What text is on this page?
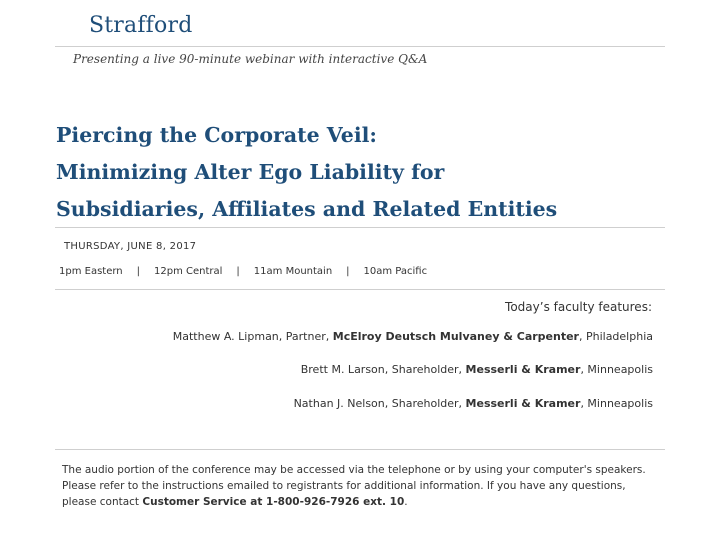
Strafford
Presenting a live 90-minute webinar with interactive Q&A
Piercing the Corporate Veil:
Minimizing Alter Ego Liability for
Subsidiaries, Affiliates and Related Entities
THURSDAY, JUNE 8, 2017
1pm Eastern | 12pm Central | 11am Mountain | 10am Pacific
Today’s faculty features:
Matthew A. Lipman, Partner, McElroy Deutsch Mulvaney & Carpenter, Philadelphia
Brett M. Larson, Shareholder, Messerli & Kramer, Minneapolis
Nathan J. Nelson, Shareholder, Messerli & Kramer, Minneapolis
The audio portion of the conference may be accessed via the telephone or by using your computer's speakers. Please refer to the instructions emailed to registrants for additional information. If you have any questions, please contact Customer Service at 1-800-926-7926 ext. 10.
